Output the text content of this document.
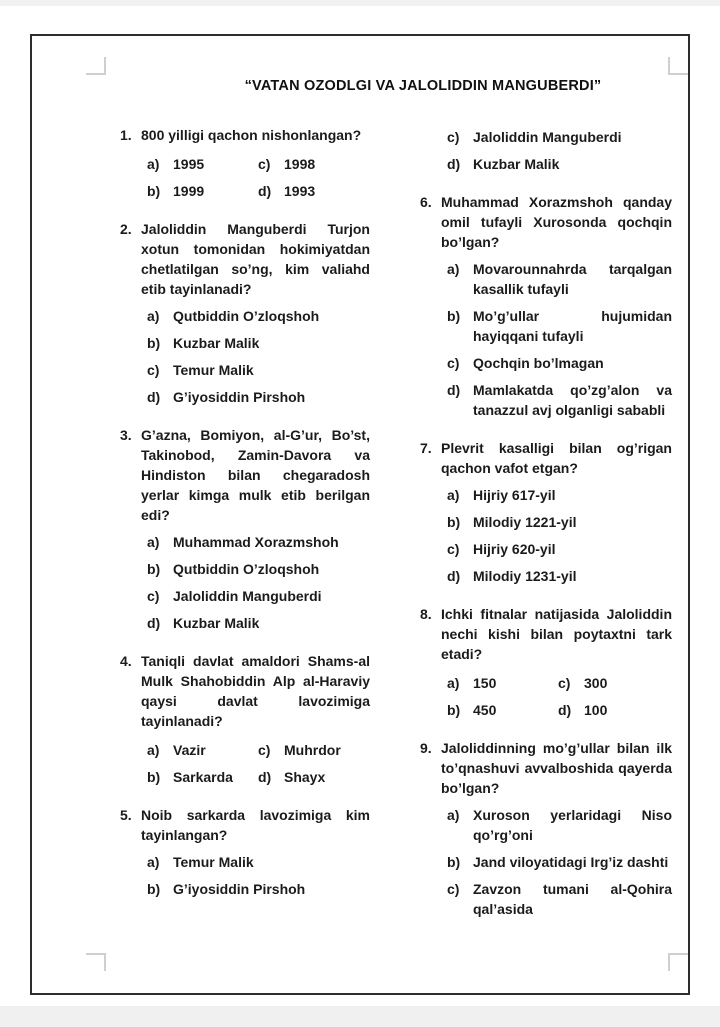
“VATAN OZODLGI VA JALOLIDDIN MANGUBERDI”
1. 800 yilligi qachon nishonlangan?
a) 1995	c) 1998
b) 1999	d) 1993
2. Jaloliddin Manguberdi Turjon xotun tomonidan hokimiyatdan chetlatilgan so’ng, kim valiahd etib tayinlanadi?
a) Qutbiddin O’zloqshoh
b) Kuzbar Malik
c) Temur Malik
d) G’iyosiddin Pirshoh
3. G’azna, Bomiyon, al-G’ur, Bo’st, Takinobod, Zamin-Davora va Hindiston bilan chegaradosh yerlar kimga mulk etib berilgan edi?
a) Muhammad Xorazmshoh
b) Qutbiddin O’zloqshoh
c) Jaloliddin Manguberdi
d) Kuzbar Malik
4. Taniqli davlat amaldori Shams-al Mulk Shahobiddin Alp al-Haraviy qaysi davlat lavozimiga tayinlanadi?
a) Vazir	c) Muhrdor
b) Sarkarda	d) Shayx
5. Noib sarkarda lavozimiga kim tayinlangan?
a) Temur Malik
b) G’iyosiddin Pirshoh
c) Jaloliddin Manguberdi
d) Kuzbar Malik
6. Muhammad Xorazmshoh qanday omil tufayli Xurosonda qochqin bo’lgan?
a) Movarounnahrda tarqalgan kasallik tufayli
b) Mo’g’ullar hujumidan hayiqqani tufayli
c) Qochqin bo’lmagan
d) Mamlakatda qo’zg’alon va tanazzul avj olganligi sababli
7. Plevrit kasalligi bilan og’rigan qachon vafot etgan?
a) Hijriy 617-yil
b) Milodiy 1221-yil
c) Hijriy 620-yil
d) Milodiy 1231-yil
8. Ichki fitnalar natijasida Jaloliddin nechi kishi bilan poytaxtni tark etadi?
a) 150	c) 300
b) 450	d) 100
9. Jaloliddinning mo’g’ullar bilan ilk to’qnashuvi avvalboshida qayerda bo’lgan?
a) Xuroson yerlaridagi Niso qo’rg’oni
b) Jand viloyatidagi Irg’iz dashti
c) Zavzon tumani al-Qohira qal’asida
